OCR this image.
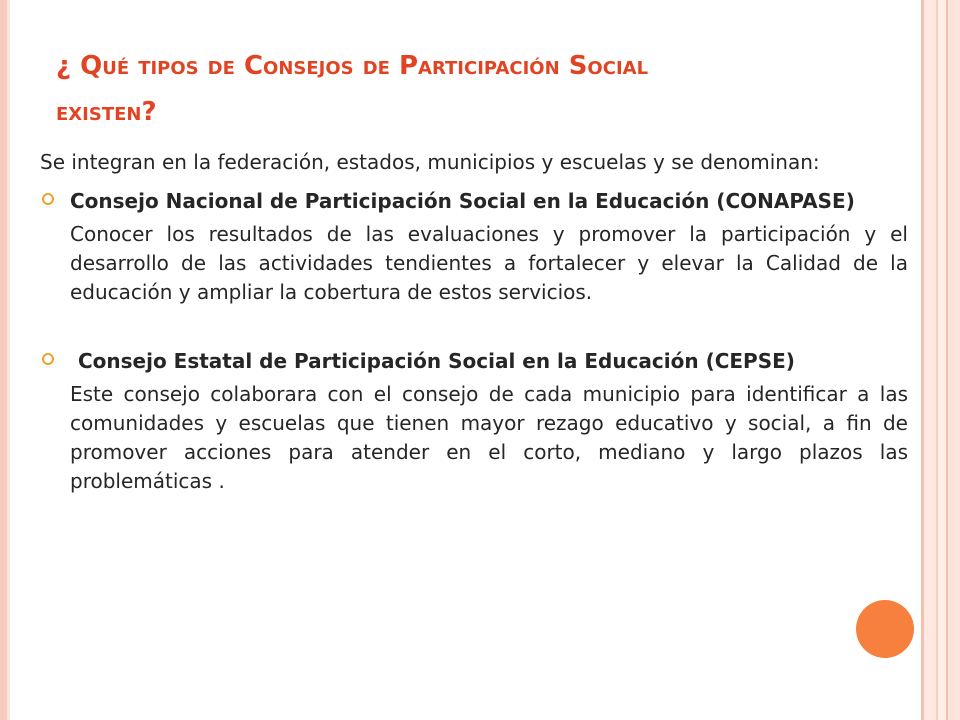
¿ Qué tipos de Consejos de Participación Social
existen?

Se integran en la federación, estados, municipios y escuelas y se denominan:

Consejo Nacional de Participación Social en la Educación (CONAPASE)

Conocer los resultados de las evaluaciones y promover la participación y el desarrollo de las actividades tendientes a fortalecer y elevar la Calidad de la educación y ampliar la cobertura de estos servicios.

Consejo Estatal de Participación Social en la Educación (CEPSE)

Este consejo colaborara con el consejo de cada municipio para identificar a las comunidades y escuelas que tienen mayor rezago educativo y social, a fin de promover acciones para atender en el corto, mediano y largo plazos las problemáticas .
